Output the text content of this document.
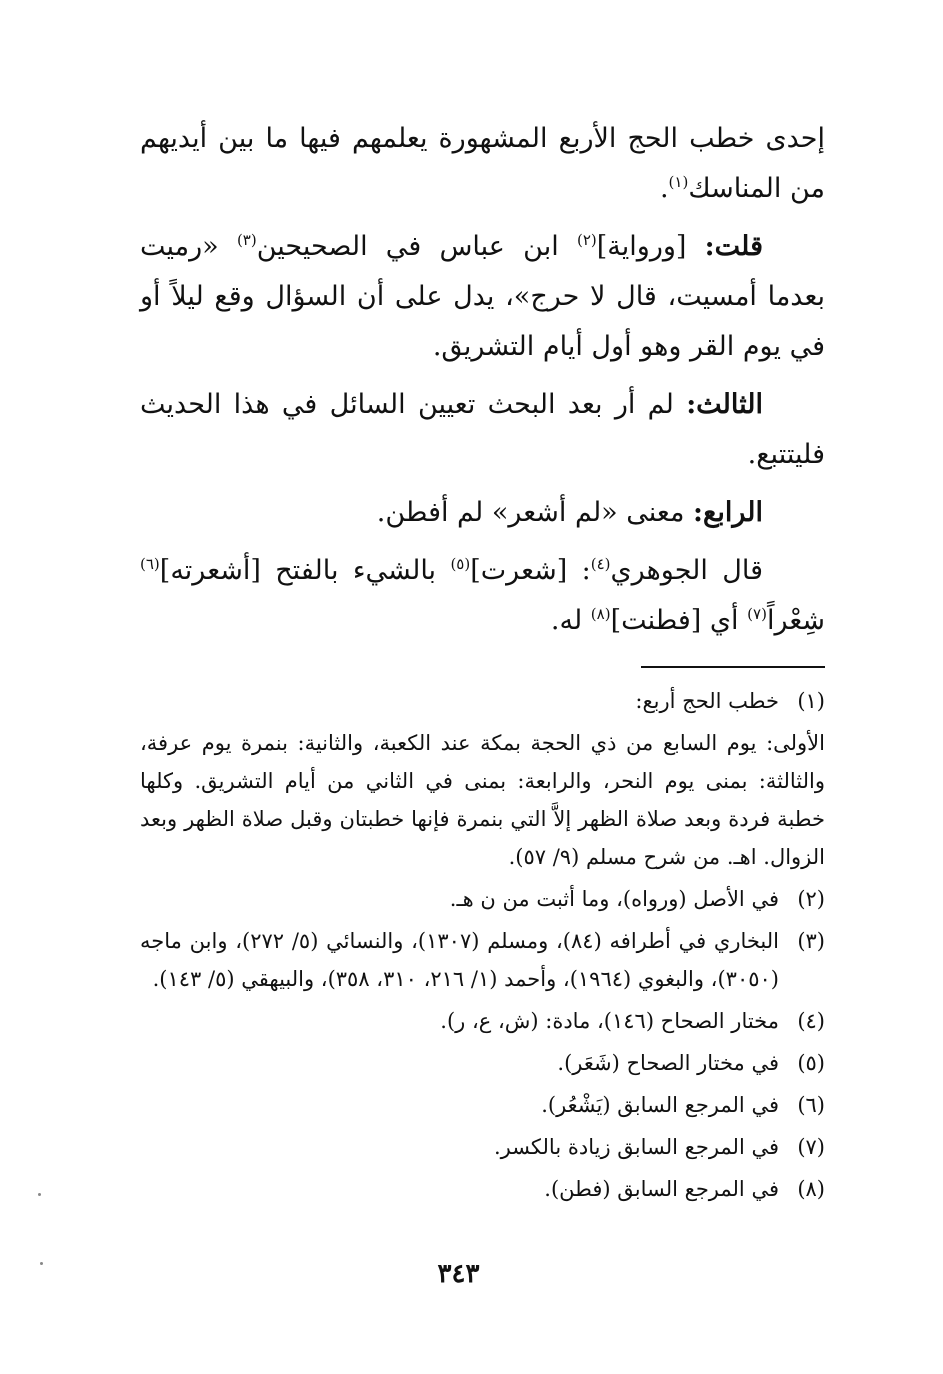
إحدى خطب الحج الأربع المشهورة يعلمهم فيها ما بين أيديهم من المناسك$^{(١)}$.

قلت: [ورواية]$^{(٢)}$ ابن عباس في الصحيحين$^{(٣)}$ «رميت بعدما أمسيت، قال لا حرج»، يدل على أن السؤال وقع ليلاً أو في يوم القر وهو أول أيام التشريق.

الثالث: لم أر بعد البحث تعيين السائل في هذا الحديث فليتتبع.

الرابع: معنى «لم أشعر» لم أفطن.

قال الجوهري$^{(٤)}$: [شعرت]$^{(٥)}$ بالشيء بالفتح [أشعرته]$^{(٦)}$ شِعْراً$^{(٧)}$ أي [فطنت]$^{(٨)}$ له.

(١)
خطب الحج أربع:

الأولى: يوم السابع من ذي الحجة بمكة عند الكعبة، والثانية: بنمرة يوم عرفة، والثالثة: بمنى يوم النحر، والرابعة: بمنى في الثاني من أيام التشريق. وكلها خطبة فردة وبعد صلاة الظهر إلاَّ التي بنمرة فإنها خطبتان وقبل صلاة الظهر وبعد الزوال. اهـ. من شرح مسلم (٩/ ٥٧).

(٢)
في الأصل (ورواه)، وما أثبت من ن هـ.
(٣)
البخاري في أطرافه (٨٤)، ومسلم (١٣٠٧)، والنسائي (٥/ ٢٧٢)، وابن ماجه (٣٠٥٠)، والبغوي (١٩٦٤)، وأحمد (١/ ٢١٦، ٣١٠، ٣٥٨)، والبيهقي (٥/ ١٤٣).
(٤)
مختار الصحاح (١٤٦)، مادة: (ش، ع، ر).
(٥)
في مختار الصحاح (شَعَر).
(٦)
في المرجع السابق (يَشْعُر).
(٧)
في المرجع السابق زيادة بالكسر.
(٨)
في المرجع السابق (فطن).
٣٤٣
